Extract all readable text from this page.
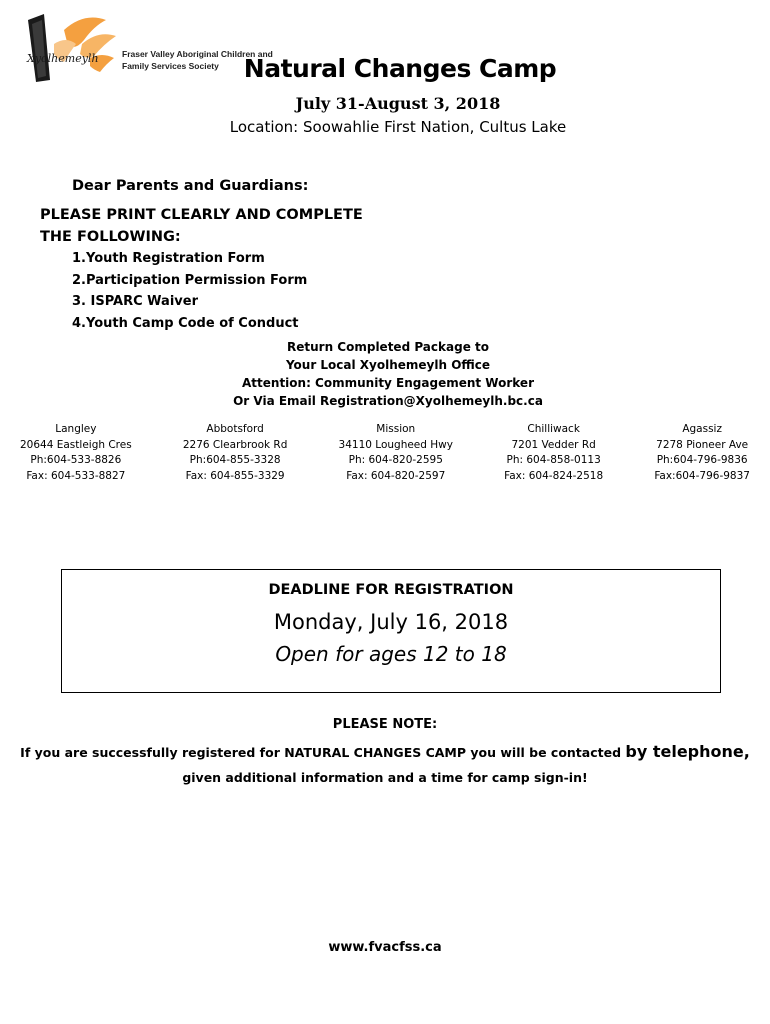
Xyolhemeylh	Fraser Valley Aboriginal Children and
Family Services Society Natural Changes Camp
July 31-August 3, 2018
Location: Soowahlie First Nation, Cultus Lake
Dear Parents and Guardians:
PLEASE PRINT CLEARLY AND COMPLETE THE FOLLOWING:
1.Youth Registration Form
2.Participation Permission Form
3. ISPARC Waiver
4.Youth Camp Code of Conduct
Return Completed Package to
Your Local Xyolhemeylh Office
Attention: Community Engagement Worker
Or Via Email Registration@Xyolhemeylh.bc.ca
Langley
20644 Eastleigh Cres
Ph:604-533-8826
Fax: 604-533-8827
Abbotsford
2276 Clearbrook Rd
Ph:604-855-3328
Fax: 604-855-3329
Mission
34110 Lougheed Hwy
Ph: 604-820-2595
Fax: 604-820-2597
Chilliwack
7201 Vedder Rd
Ph: 604-858-0113
Fax: 604-824-2518
Agassiz
7278 Pioneer Ave
Ph:604-796-9836
Fax:604-796-9837
DEADLINE FOR REGISTRATION
Monday, July 16, 2018
Open for ages 12 to 18
PLEASE NOTE:
If you are successfully registered for NATURAL CHANGES CAMP you will be contacted by telephone,
given additional information and a time for camp sign-in!
www.fvacfss.ca
